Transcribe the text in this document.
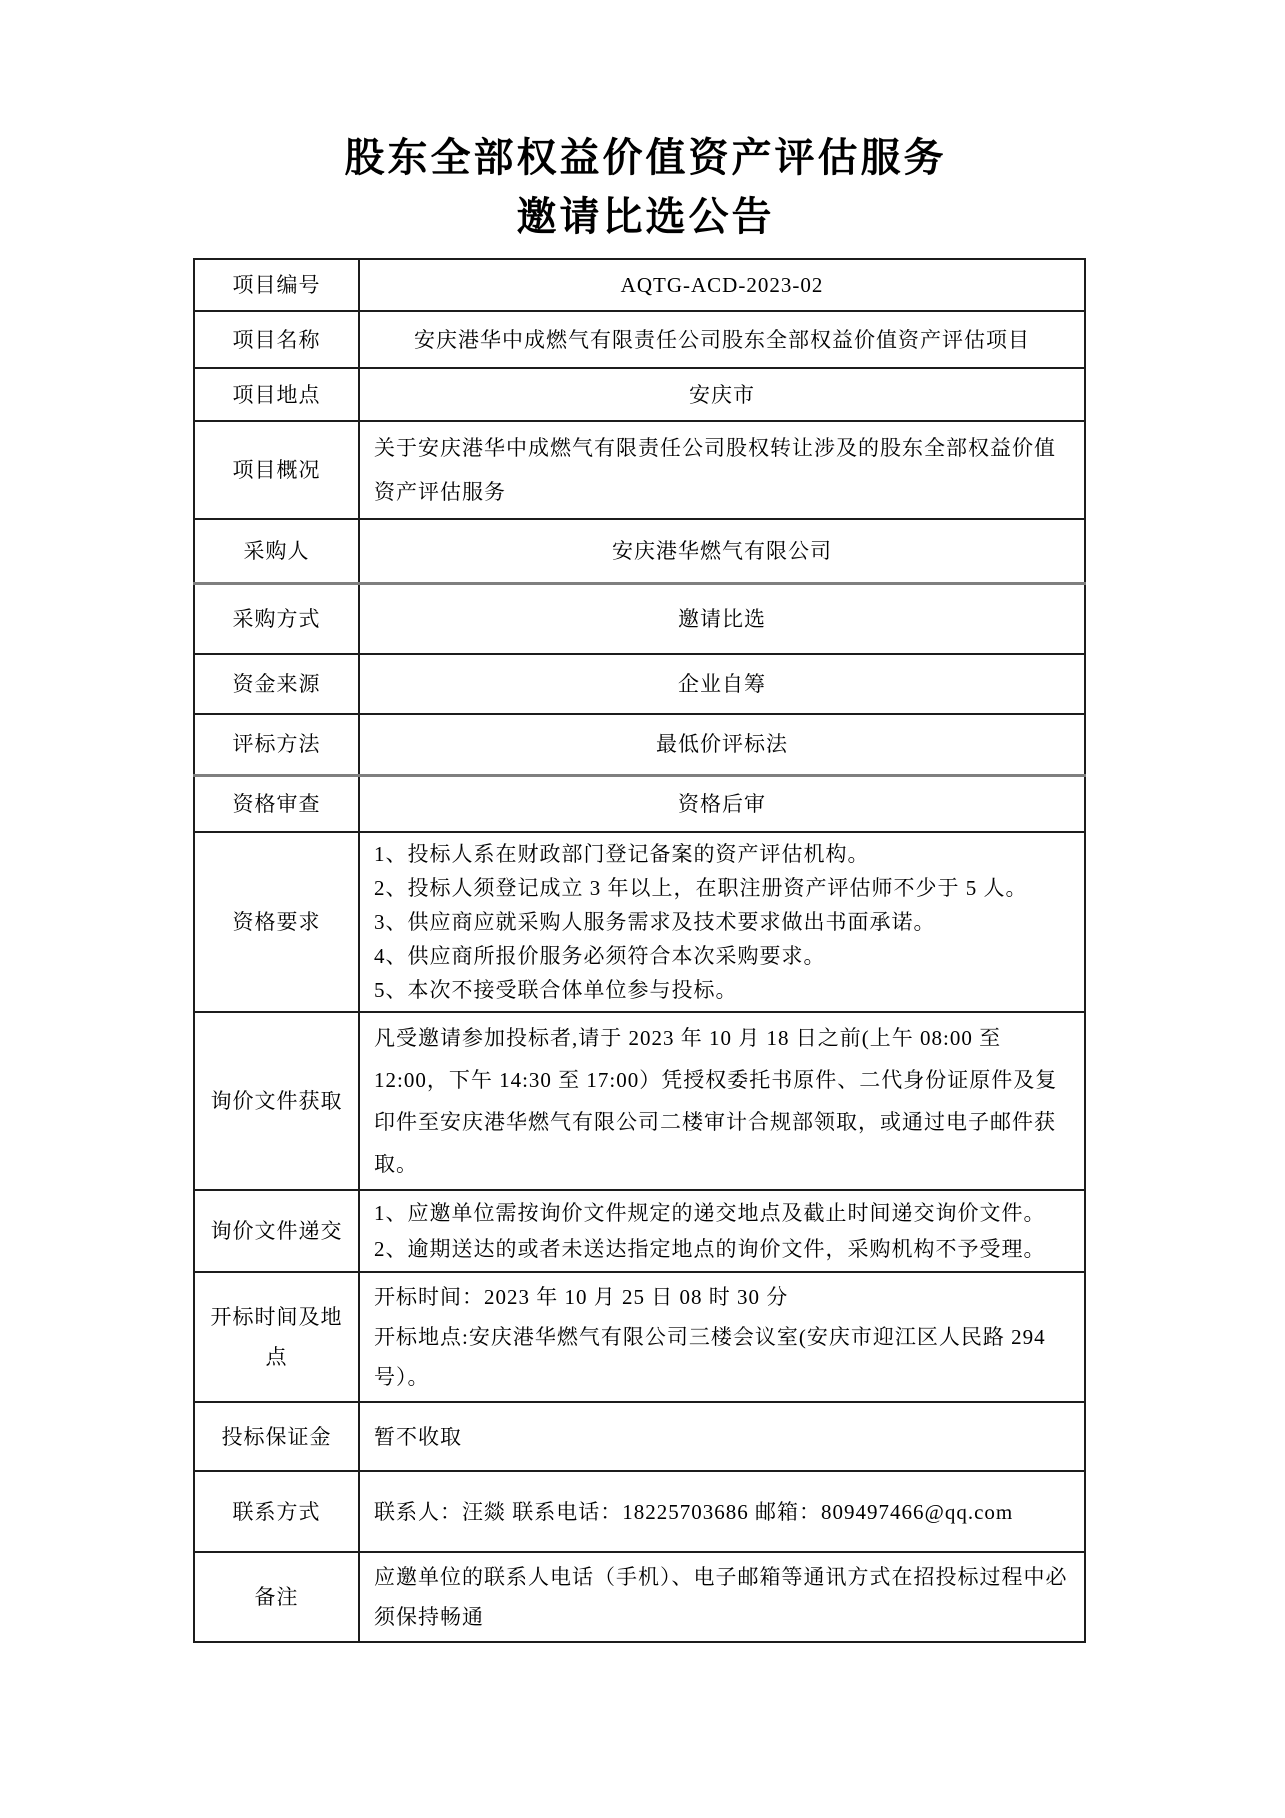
股东全部权益价值资产评估服务
邀请比选公告
项目编号	AQTG-ACD-2023-02
项目名称	安庆港华中成燃气有限责任公司股东全部权益价值资产评估项目
项目地点	安庆市
项目概况	关于安庆港华中成燃气有限责任公司股权转让涉及的股东全部权益价值资产评估服务
采购人	安庆港华燃气有限公司
采购方式	邀请比选
资金来源	企业自筹
评标方法	最低价评标法
资格审查	资格后审
资格要求	1、投标人系在财政部门登记备案的资产评估机构。
2、投标人须登记成立 3 年以上，在职注册资产评估师不少于 5 人。
3、供应商应就采购人服务需求及技术要求做出书面承诺。
4、供应商所报价服务必须符合本次采购要求。
5、本次不接受联合体单位参与投标。

询价文件获取	凡受邀请参加投标者,请于 2023 年 10 月 18 日之前(上午 08:00 至 12:00，下午 14:30 至 17:00）凭授权委托书原件、二代身份证原件及复印件至安庆港华燃气有限公司二楼审计合规部领取，或通过电子邮件获取。
询价文件递交	1、应邀单位需按询价文件规定的递交地点及截止时间递交询价文件。
2、逾期送达的或者未送达指定地点的询价文件，采购机构不予受理。

开标时间及地点	开标时间：2023 年 10 月 25 日 08 时 30 分
开标地点:安庆港华燃气有限公司三楼会议室(安庆市迎江区人民路 294 号）。

投标保证金	暂不收取
联系方式	联系人：汪燚 联系电话：18225703686 邮箱：809497466@qq.com
备注	应邀单位的联系人电话（手机）、电子邮箱等通讯方式在招投标过程中必须保持畅通
